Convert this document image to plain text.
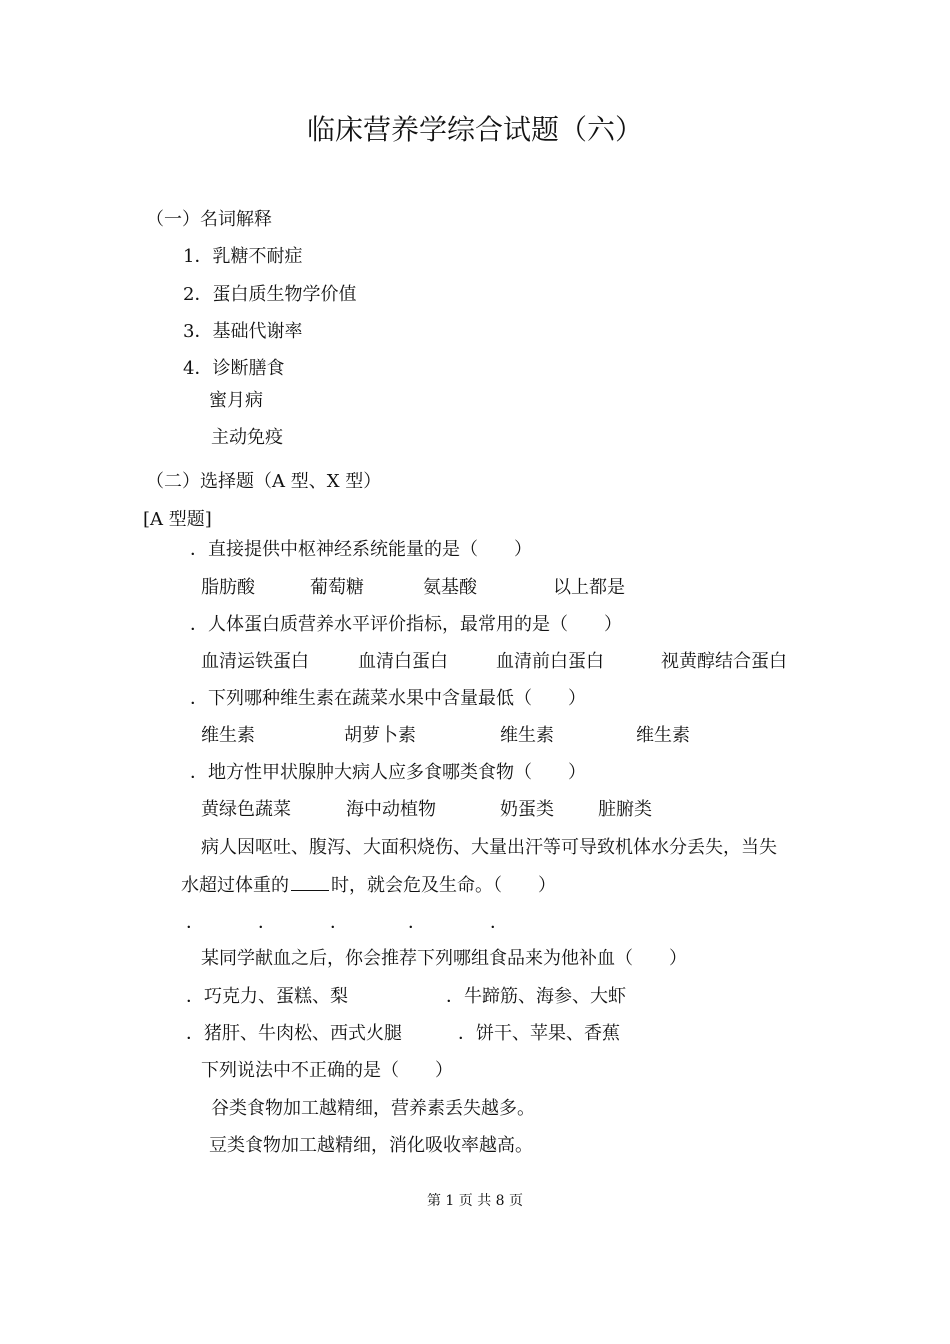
临床营养学综合试题（六）
（一）名词解释
1．乳糖不耐症
2．蛋白质生物学价值
3．基础代谢率
4．诊断膳食
蜜月病
主动免疫
（二）选择题（A 型、X 型）
[A 型题]
．直接提供中枢神经系统能量的是（　　）
脂肪酸	葡萄糖	氨基酸	以上都是
．人体蛋白质营养水平评价指标，最常用的是（　　）
血清运铁蛋白	血清白蛋白	血清前白蛋白	视黄醇结合蛋白
．下列哪种维生素在蔬菜水果中含量最低（　　）
维生素	胡萝卜素	维生素	维生素
．地方性甲状腺肿大病人应多食哪类食物（　　）
黄绿色蔬菜	海中动植物	奶蛋类 脏腑类
病人因呕吐、腹泻、大面积烧伤、大量出汗等可导致机体水分丢失，当失
水超过体重的 时，就会危及生命。（　　）
．	．	．	．	．
某同学献血之后，你会推荐下列哪组食品来为他补血（　　）
．巧克力、蛋糕、梨	．牛蹄筋、海参、大虾
．猪肝、牛肉松、西式火腿	．饼干、苹果、香蕉
下列说法中不正确的是（　　）
谷类食物加工越精细，营养素丢失越多。
豆类食物加工越精细，消化吸收率越高。
第 1 页 共 8 页
